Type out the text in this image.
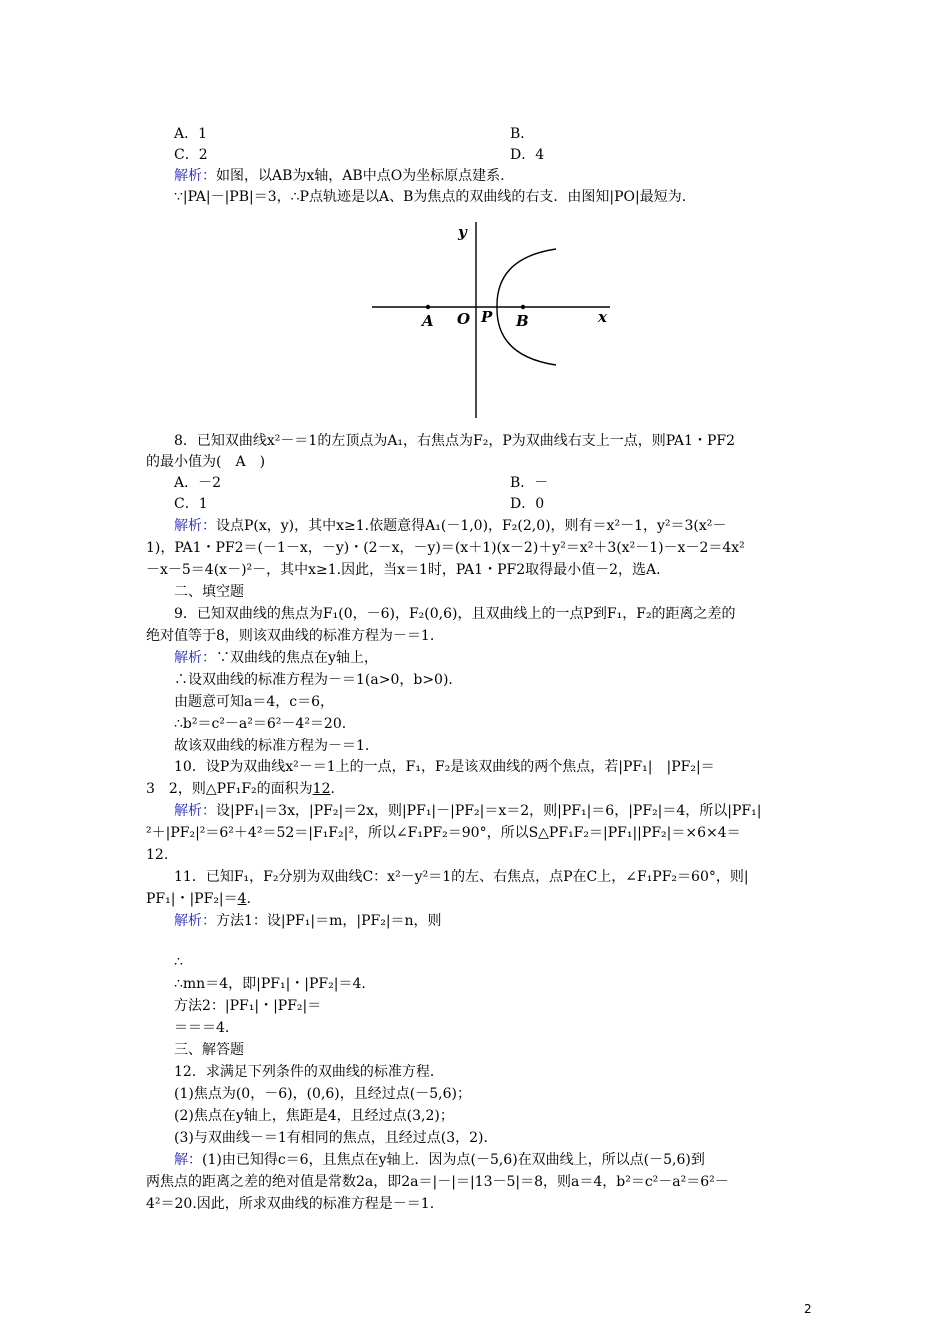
A．1	B．
C．2	D．4
解析：如图，以AB为x轴，AB中点O为坐标原点建系.
∵|PA|－|PB|＝3，∴P点轨迹是以A、B为焦点的双曲线的右支．由图知|PO|最短为.
y
x
A O P B
8．已知双曲线x²－＝1的左顶点为A₁，右焦点为F₂，P为双曲线右支上一点，则PA1・PF2
的最小值为(　A　)
A．－2	B．－
C．1	D．0
解析：设点P(x，y)，其中x≥1.依题意得A₁(－1,0)，F₂(2,0)，则有＝x²－1，y²＝3(x²－
1)，PA1・PF2＝(－1－x，－y)・(2－x，－y)＝(x＋1)(x－2)＋y²＝x²＋3(x²－1)－x－2＝4x²
－x－5＝4(x－)²－，其中x≥1.因此，当x＝1时，PA1・PF2取得最小值－2，选A.
二、填空题
9．已知双曲线的焦点为F₁(0，－6)，F₂(0,6)，且双曲线上的一点P到F₁，F₂的距离之差的
绝对值等于8，则该双曲线的标准方程为－＝1.
解析：∵双曲线的焦点在y轴上，
∴设双曲线的标准方程为－＝1(a>0，b>0)．
由题意可知a＝4，c＝6，
∴b²＝c²－a²＝6²－4²＝20.
故该双曲线的标准方程为－＝1.
10．设P为双曲线x²－＝1上的一点，F₁，F₂是该双曲线的两个焦点，若|PF₁|　|PF₂|＝
3　2，则△PF₁F₂的面积为12.
解析：设|PF₁|＝3x，|PF₂|＝2x，则|PF₁|－|PF₂|＝x＝2，则|PF₁|＝6，|PF₂|＝4，所以|PF₁|
²＋|PF₂|²＝6²＋4²＝52＝|F₁F₂|²，所以∠F₁PF₂＝90°，所以S△PF₁F₂＝|PF₁||PF₂|＝×6×4＝
12.
11．已知F₁，F₂分别为双曲线C：x²－y²＝1的左、右焦点，点P在C上，∠F₁PF₂＝60°，则|
PF₁|・|PF₂|＝4.
解析：方法1：设|PF₁|＝m，|PF₂|＝n，则
∴
∴mn＝4，即|PF₁|・|PF₂|＝4.
方法2：|PF₁|・|PF₂|＝
＝＝＝4.
三、解答题
12．求满足下列条件的双曲线的标准方程．
(1)焦点为(0，－6)，(0,6)，且经过点(－5,6)；
(2)焦点在y轴上，焦距是4，且经过点(3,2)；
(3)与双曲线－＝1有相同的焦点，且经过点(3，2)．
解：(1)由已知得c＝6，且焦点在y轴上．因为点(－5,6)在双曲线上，所以点(－5,6)到
两焦点的距离之差的绝对值是常数2a，即2a＝|－|＝|13－5|＝8，则a＝4，b²＝c²－a²＝6²－
4²＝20.因此，所求双曲线的标准方程是－＝1.
2
